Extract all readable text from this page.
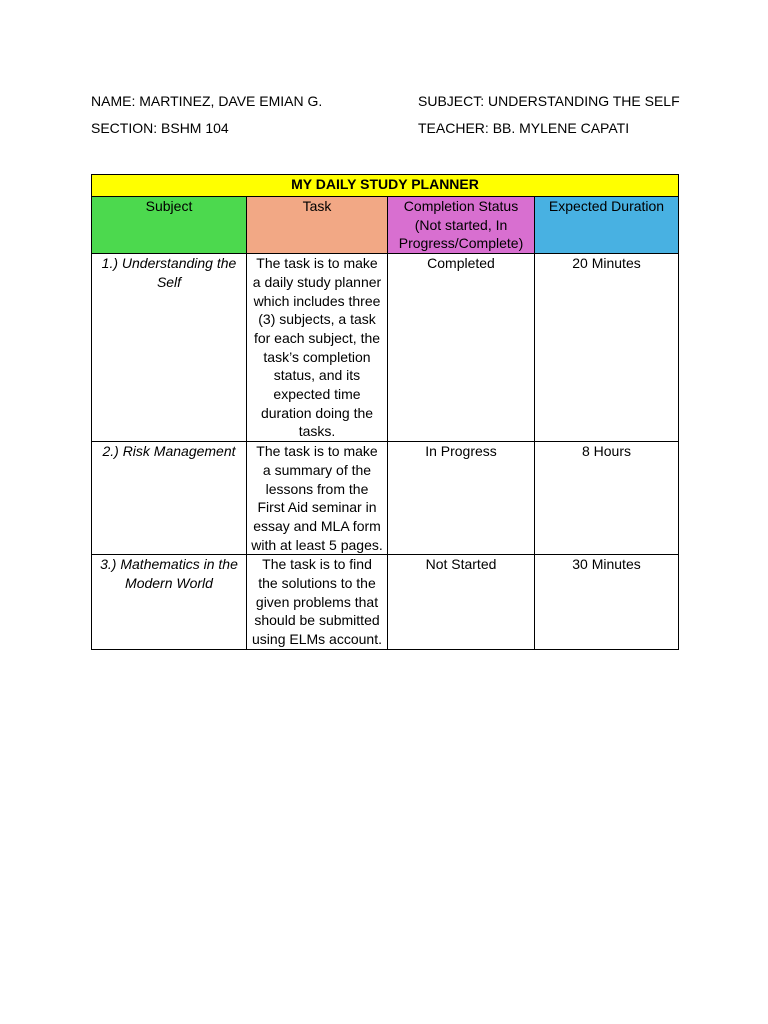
NAME: MARTINEZ, DAVE EMIAN G.	SUBJECT: UNDERSTANDING THE SELF
SECTION: BSHM 104	TEACHER: BB. MYLENE CAPATI
MY DAILY STUDY PLANNER			
Subject	Task	Completion Status (Not started, In Progress/Complete)	Expected Duration
1.) Understanding the Self	The task is to make a daily study planner which includes three (3) subjects, a task for each subject, the task’s completion status, and its expected time duration doing the tasks.	Completed	20 Minutes
2.) Risk Management	The task is to make a summary of the lessons from the First Aid seminar in essay and MLA form with at least 5 pages.	In Progress	8 Hours
3.) Mathematics in the Modern World	The task is to find the solutions to the given problems that should be submitted using ELMs account.	Not Started	30 Minutes
